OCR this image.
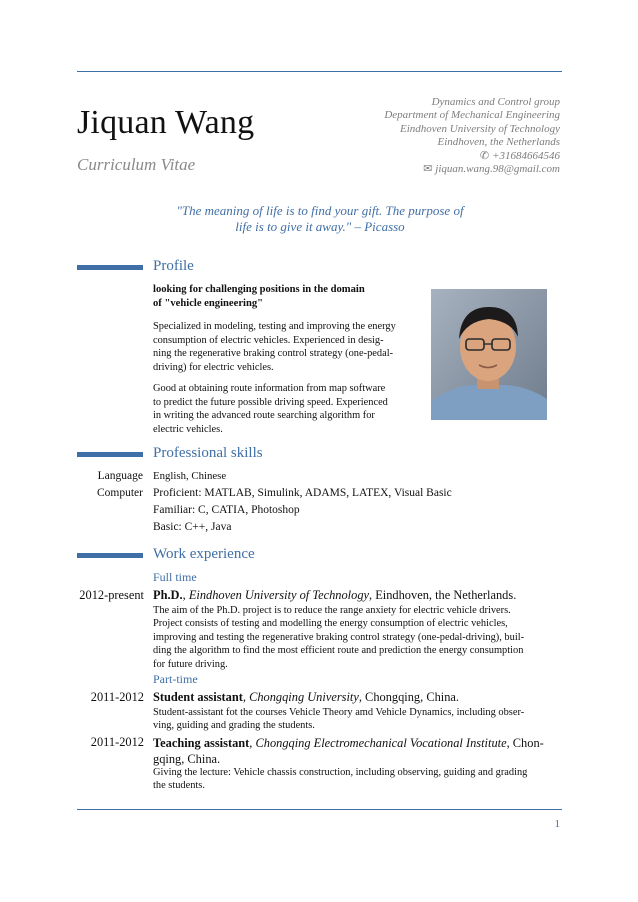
Jiquan Wang
Curriculum Vitae
Dynamics and Control group
Department of Mechanical Engineering
Eindhoven University of Technology
Eindhoven, the Netherlands
✆ +31684664546
✉ jiquan.wang.98@gmail.com
"The meaning of life is to find your gift. The purpose of
life is to give it away." – Picasso
Profile
looking for challenging positions in the domain
of "vehicle engineering"
Specialized in modeling, testing and improving the energy
consumption of electric vehicles. Experienced in desig-
ning the regenerative braking control strategy (one-pedal-
driving) for electric vehicles.
Good at obtaining route information from map software
to predict the future possible driving speed. Experienced
in writing the advanced route searching algorithm for
electric vehicles.
Professional skills
Language English, Chinese
Computer Proficient: MATLAB, Simulink, ADAMS, LATEX, Visual Basic
Familiar: C, CATIA, Photoshop
Basic: C++, Java
Work experience
Full time
2012-present Ph.D., Eindhoven University of Technology, Eindhoven, the Netherlands.
The aim of the Ph.D. project is to reduce the range anxiety for electric vehicle drivers.
Project consists of testing and modelling the energy consumption of electric vehicles,
improving and testing the regenerative braking control strategy (one-pedal-driving), buil-
ding the algorithm to find the most efficient route and prediction the energy consumption
for future driving.
Part-time
2011-2012 Student assistant, Chongqing University, Chongqing, China.
Student-assistant fot the courses Vehicle Theory amd Vehicle Dynamics, including obser-
ving, guiding and grading the students.
2011-2012 Teaching assistant, Chongqing Electromechanical Vocational Institute, Chon-
gqing, China.
Giving the lecture: Vehicle chassis construction, including observing, guiding and grading
the students.
1
